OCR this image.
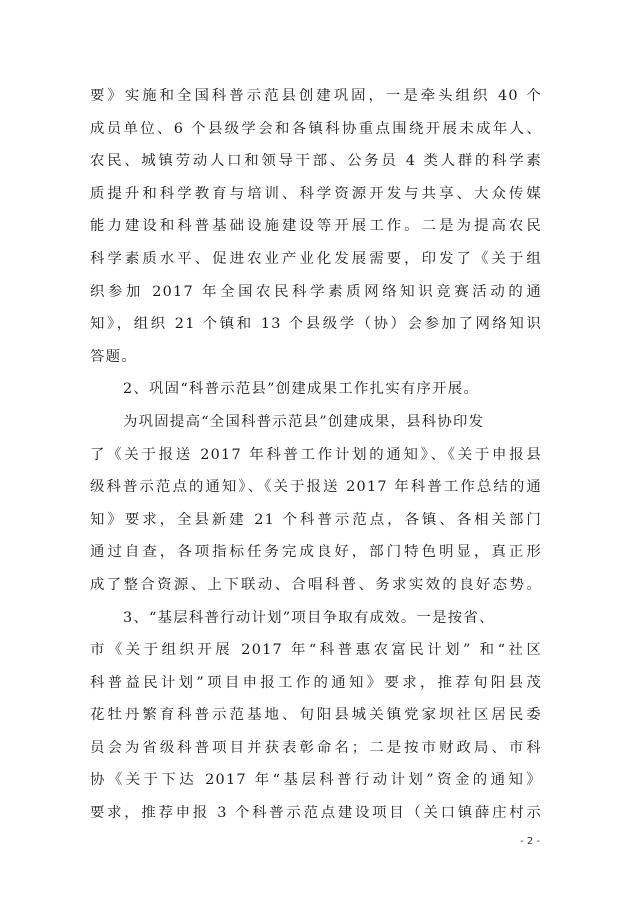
要》实施和全国科普示范县创建巩固，一是牵头组织 40 个
成员单位、6 个县级学会和各镇科协重点围绕开展未成年人、
农民、城镇劳动人口和领导干部、公务员 4 类人群的科学素
质提升和科学教育与培训、科学资源开发与共享、大众传媒
能力建设和科普基础设施建设等开展工作。二是为提高农民
科学素质水平、促进农业产业化发展需要，印发了《关于组
织参加 2017 年全国农民科学素质网络知识竞赛活动的通
知》，组织 21 个镇和 13 个县级学（协）会参加了网络知识
答题。
2、巩固“科普示范县”创建成果工作扎实有序开展。
为巩固提高“全国科普示范县”创建成果，县科协印发
了《关于报送 2017 年科普工作计划的通知》、《关于申报县
级科普示范点的通知》、《关于报送 2017 年科普工作总结的通
知》要求，全县新建 21 个科普示范点，各镇、各相关部门
通过自查，各项指标任务完成良好，部门特色明显，真正形
成了整合资源、上下联动、合唱科普、务求实效的良好态势。
3、“基层科普行动计划”项目争取有成效。一是按省、
市《关于组织开展 2017 年“科普惠农富民计划” 和“社区
科普益民计划”项目申报工作的通知》要求，推荐旬阳县茂
花牡丹繁育科普示范基地、旬阳县城关镇党家坝社区居民委
员会为省级科普项目并获表彰命名；二是按市财政局、市科
协《关于下达 2017 年“基层科普行动计划”资金的通知》
要求，推荐申报 3 个科普示范点建设项目（关口镇薛庄村示
- 2 -
